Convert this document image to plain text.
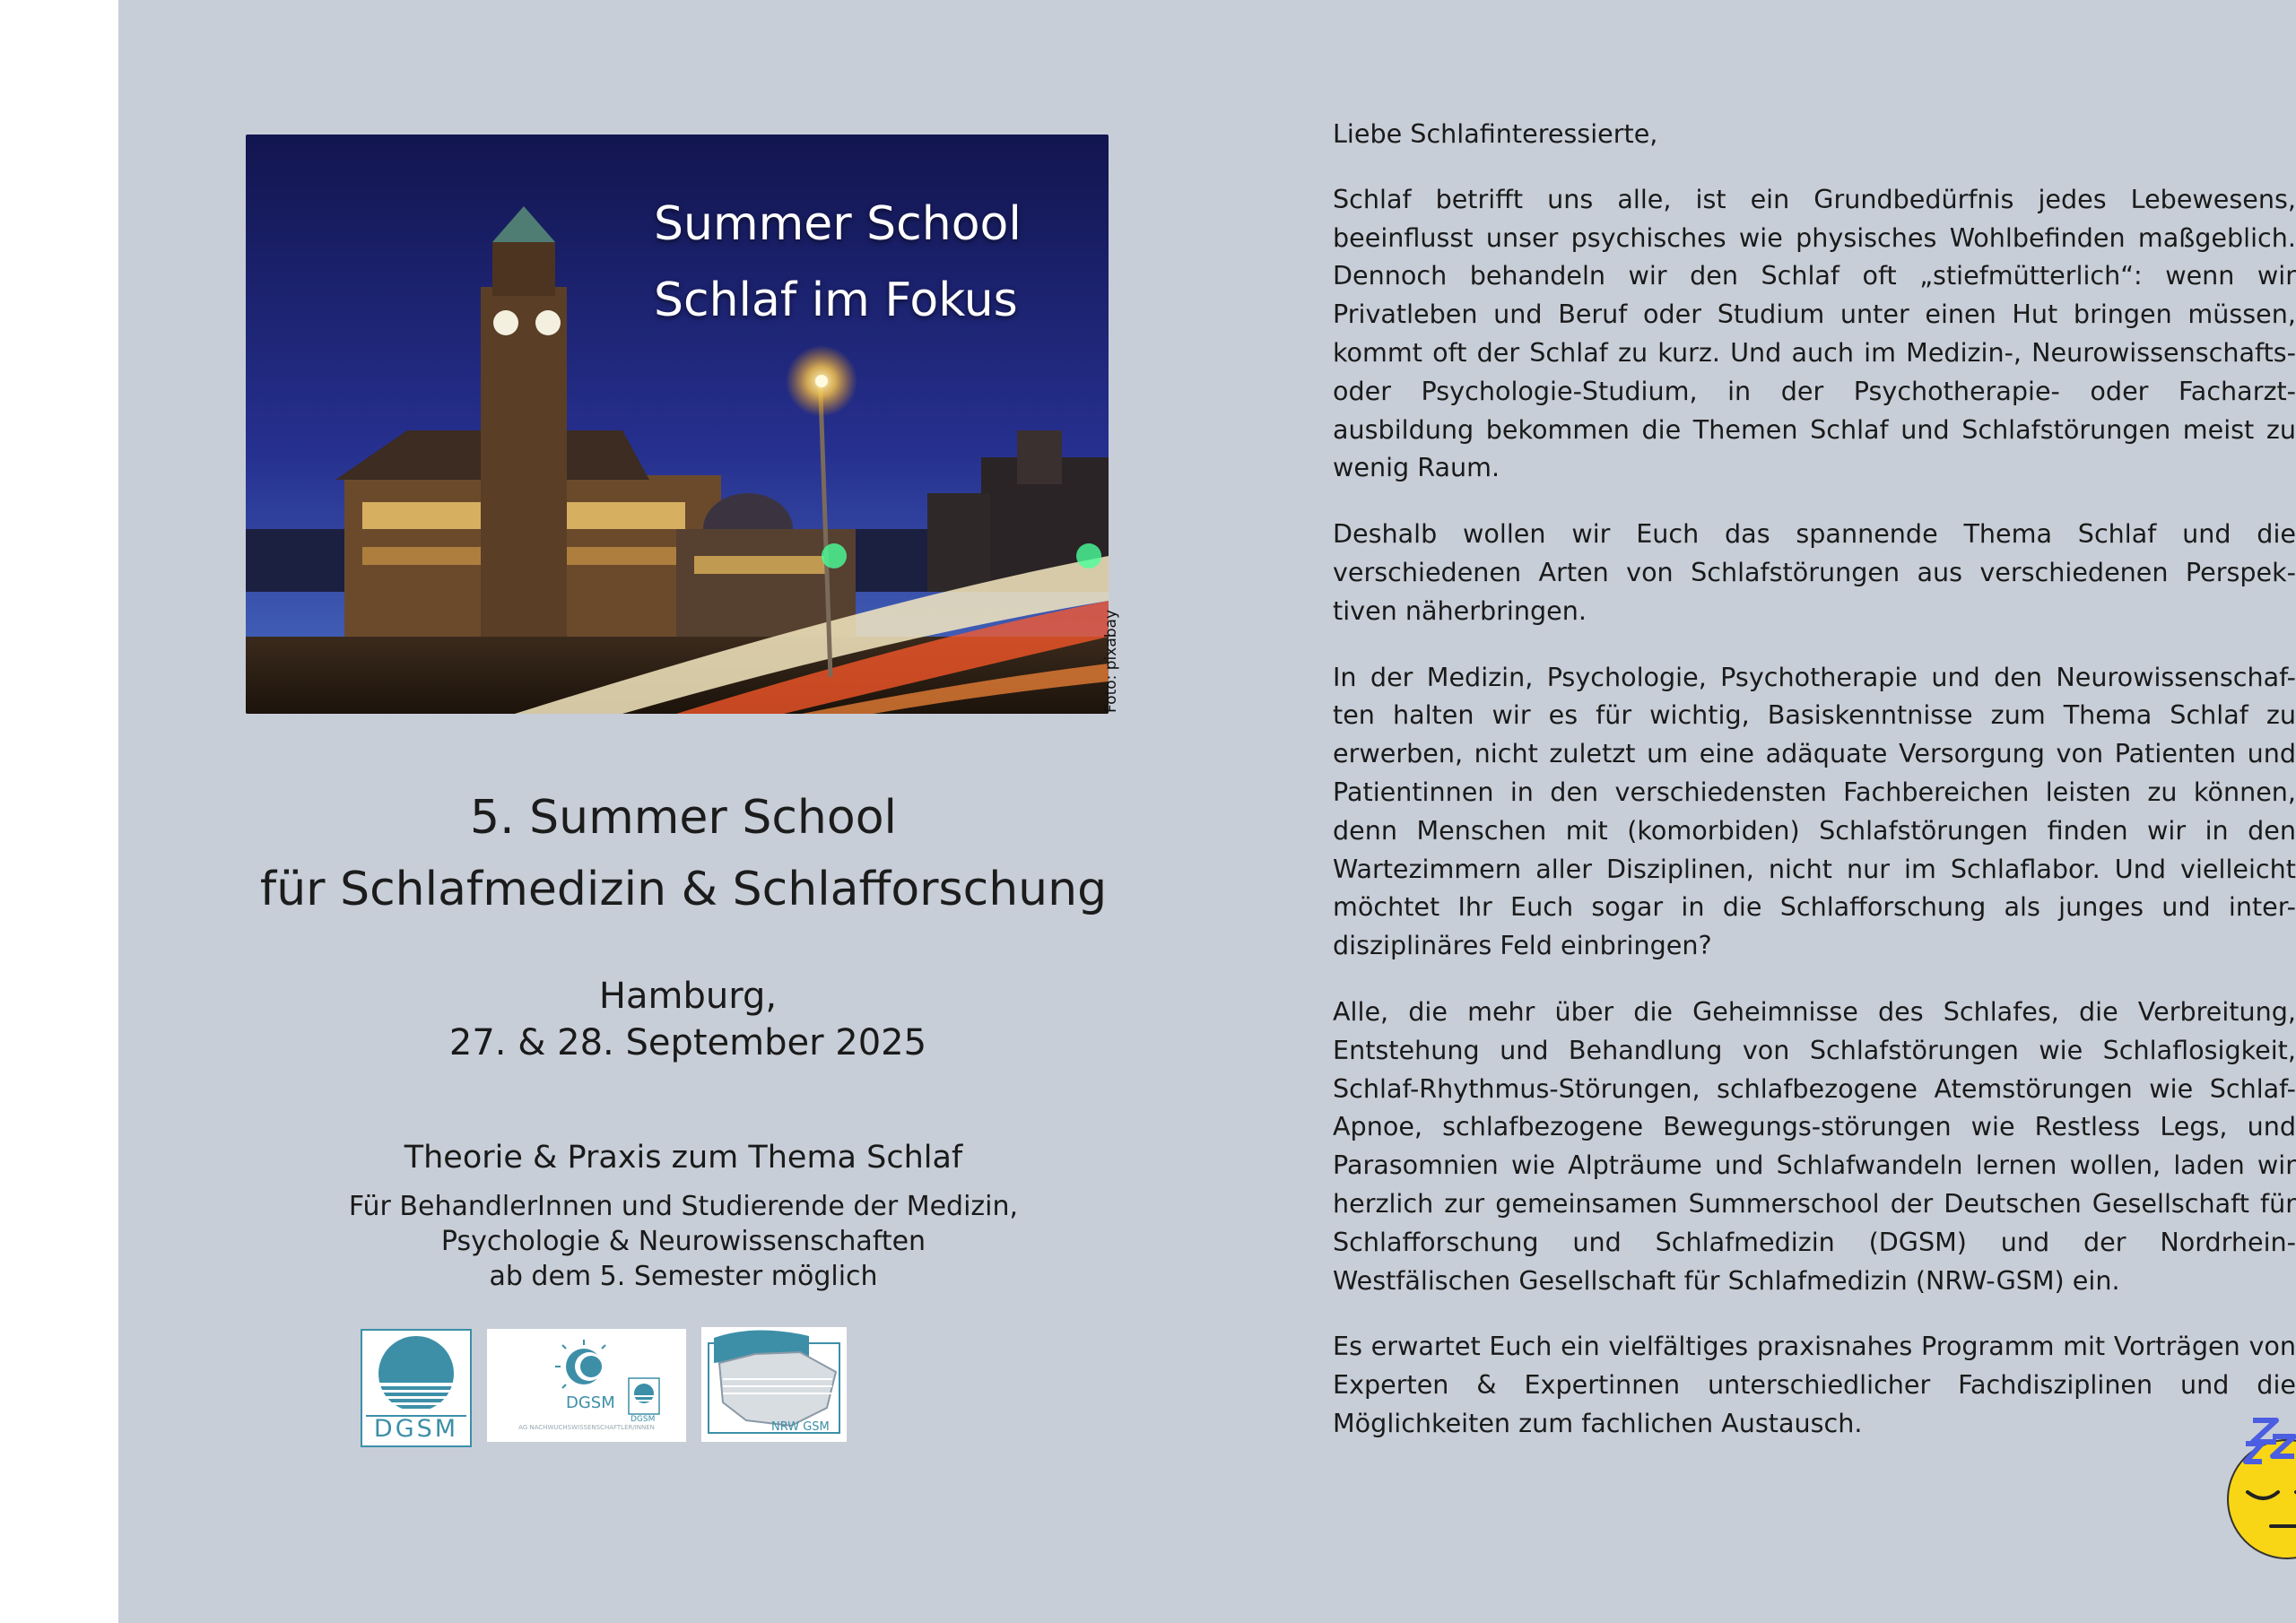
Summer School
Schlaf im Fokus
Foto: pixabay
5. Summer School
für Schlafmedizin & Schlafforschung
Hamburg,
27. & 28. September 2025
Theorie & Praxis zum Thema Schlaf
Für BehandlerInnen und Studierende der Medizin,
Psychologie & Neurowissenschaften
ab dem 5. Semester möglich
DGSM
DGSM
DGSM
AG NACHWUCHSWISSENSCHAFTLER/INNEN	NRW GSM

Liebe Schlafinteressierte,

Schlaf betrifft uns alle, ist ein Grundbedürfnis jedes Lebewesens, beeinflusst unser psychisches wie physisches Wohlbefinden maßgeblich. Dennoch behandeln wir den Schlaf oft „stiefmütterlich“: wenn wir Privatleben und Beruf oder Studium unter einen Hut bringen müssen, kommt oft der Schlaf zu kurz. Und auch im Medizin-, Neurowissenschafts- oder Psychologie-Studium, in der Psychotherapie- oder Facharzt-ausbildung bekommen die Themen Schlaf und Schlafstörungen meist zu wenig Raum.

Deshalb wollen wir Euch das spannende Thema Schlaf und die verschiedenen Arten von Schlafstörungen aus verschiedenen Perspek-tiven näherbringen.

In der Medizin, Psychologie, Psychotherapie und den Neurowissenschaf-ten halten wir es für wichtig, Basiskenntnisse zum Thema Schlaf zu erwerben, nicht zuletzt um eine adäquate Versorgung von Patienten und Patientinnen in den verschiedensten Fachbereichen leisten zu können, denn Menschen mit (komorbiden) Schlafstörungen finden wir in den Wartezimmern aller Disziplinen, nicht nur im Schlaflabor. Und vielleicht möchtet Ihr Euch sogar in die Schlafforschung als junges und inter-disziplinäres Feld einbringen?

Alle, die mehr über die Geheimnisse des Schlafes, die Verbreitung, Entstehung und Behandlung von Schlafstörungen wie Schlaflosigkeit, Schlaf-Rhythmus-Störungen, schlafbezogene Atemstörungen wie Schlaf-Apnoe, schlafbezogene Bewegungs-störungen wie Restless Legs, und Parasomnien wie Alpträume und Schlafwandeln lernen wollen, laden wir herzlich zur gemeinsamen Summerschool der Deutschen Gesellschaft für Schlafforschung und Schlafmedizin (DGSM) und der Nordrhein-Westfälischen Gesellschaft für Schlafmedizin (NRW-GSM) ein.

Es erwartet Euch ein vielfältiges praxisnahes Programm mit Vorträgen von Experten & Expertinnen unterschiedlicher Fachdisziplinen und die Möglichkeiten zum fachlichen Austausch.
